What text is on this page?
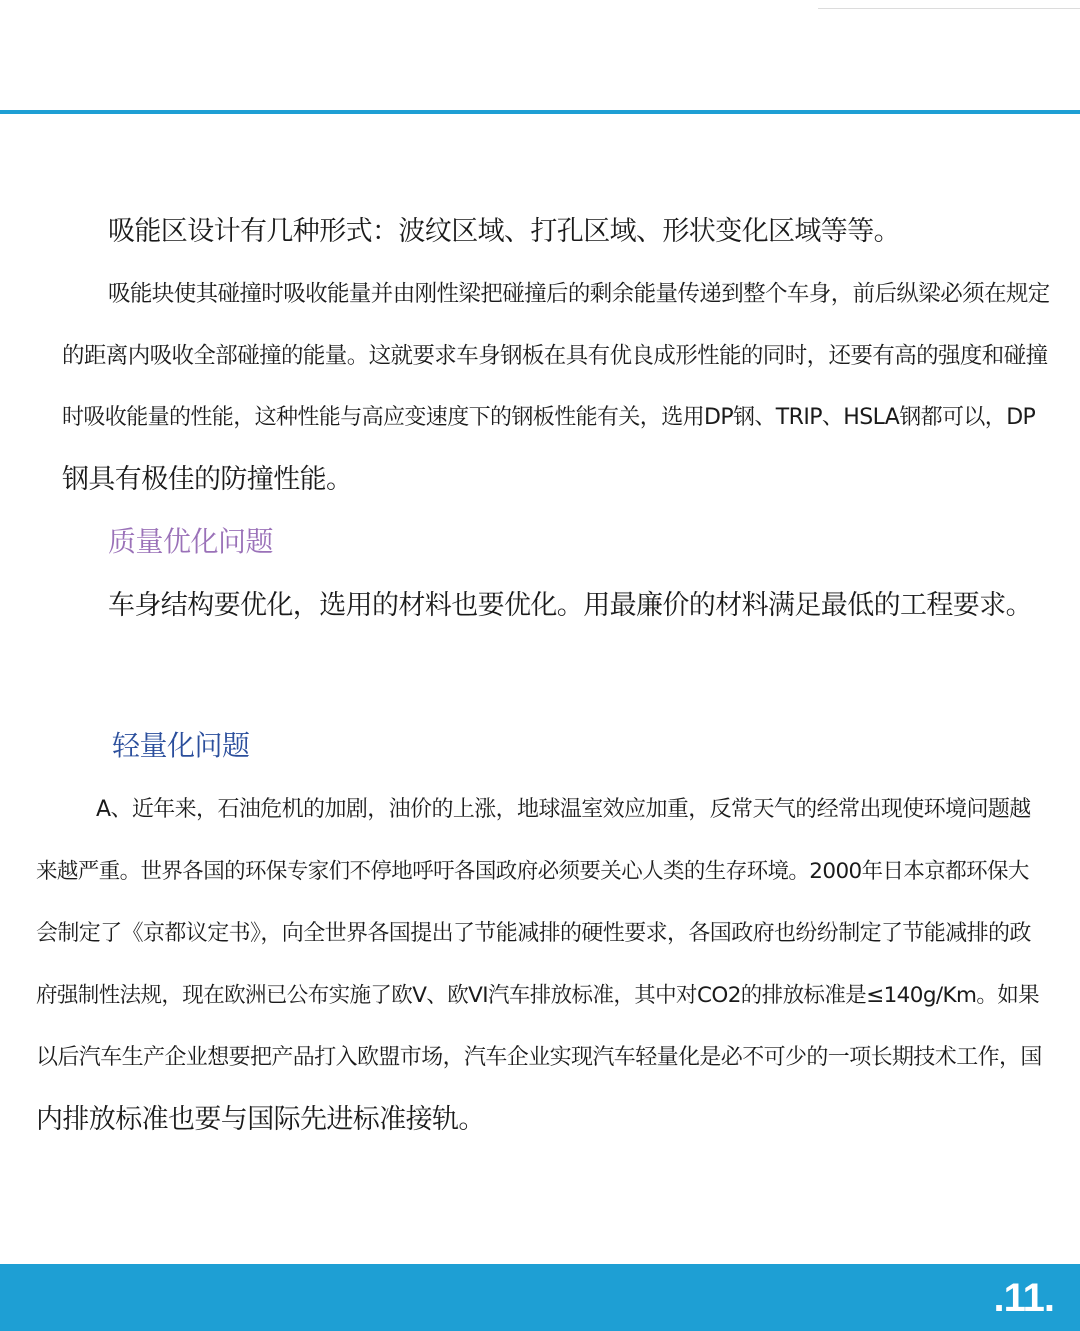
吸能区设计有几种形式：波纹区域、打孔区域、形状变化区域等等。
吸能块使其碰撞时吸收能量并由刚性梁把碰撞后的剩余能量传递到整个车身，前后纵梁必须在规定
的距离内吸收全部碰撞的能量。这就要求车身钢板在具有优良成形性能的同时，还要有高的强度和碰撞
时吸收能量的性能，这种性能与高应变速度下的钢板性能有关，选用DP钢、TRIP、HSLA钢都可以，DP
钢具有极佳的防撞性能。
质量优化问题
车身结构要优化，选用的材料也要优化。用最廉价的材料满足最低的工程要求。
轻量化问题
A、近年来，石油危机的加剧，油价的上涨，地球温室效应加重，反常天气的经常出现使环境问题越
来越严重。世界各国的环保专家们不停地呼吁各国政府必须要关心人类的生存环境。2000年日本京都环保大
会制定了《京都议定书》，向全世界各国提出了节能减排的硬性要求，各国政府也纷纷制定了节能减排的政
府强制性法规，现在欧洲已公布实施了欧V、欧VI汽车排放标准，其中对CO2的排放标准是≤140g/Km。如果
以后汽车生产企业想要把产品打入欧盟市场，汽车企业实现汽车轻量化是必不可少的一项长期技术工作，国
内排放标准也要与国际先进标准接轨。
.11.
